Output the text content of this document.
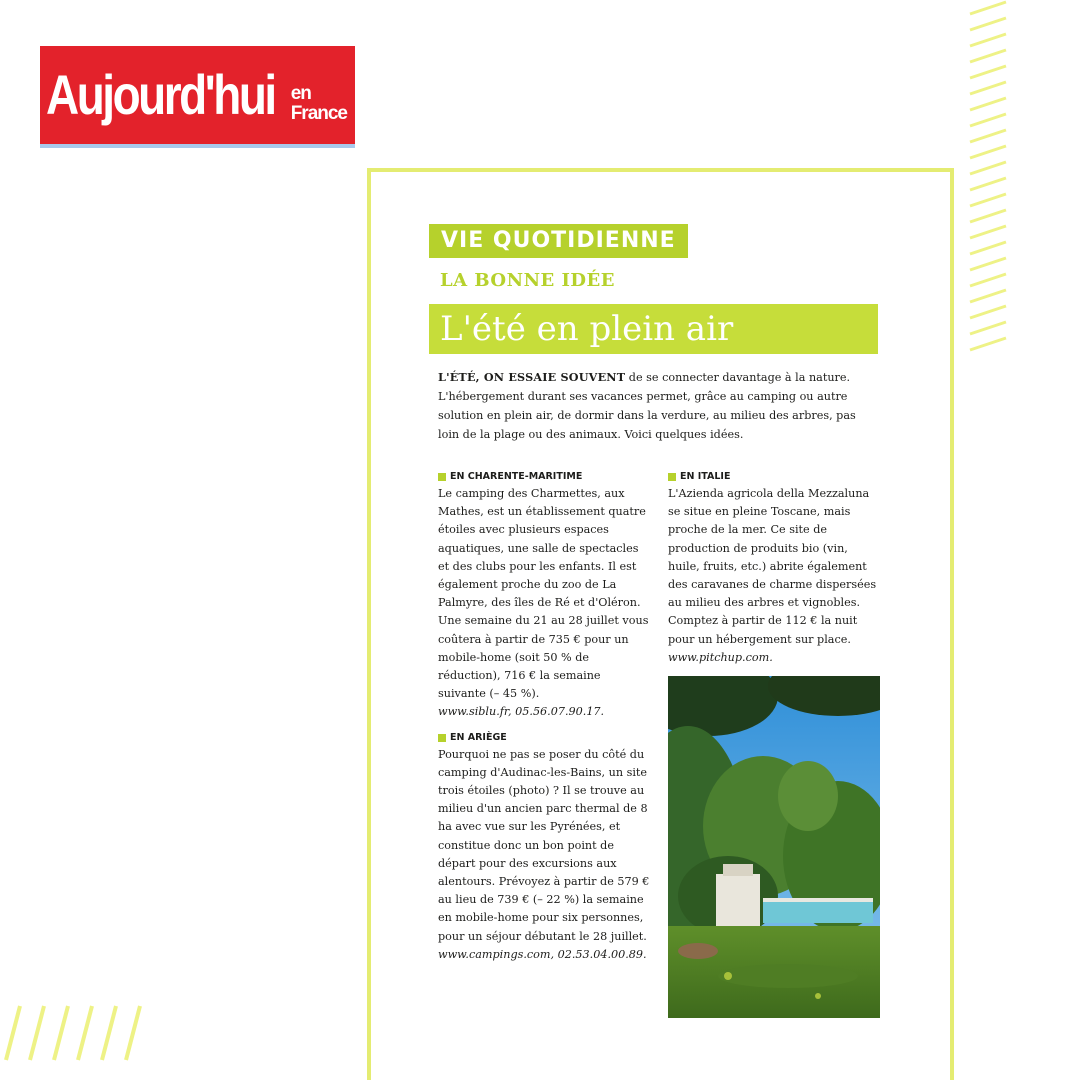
Aujourd'hui en
France
VIE QUOTIDIENNE
LA BONNE IDÉE
L'été en plein air
L'ÉTÉ, ON ESSAIE SOUVENT de se connecter davantage à la nature. L'hébergement durant ses vacances permet, grâce au camping ou autre solution en plein air, de dormir dans la verdure, au milieu des arbres, pas loin de la plage ou des animaux. Voici quelques idées.
EN CHARENTE-MARITIME

Le camping des Charmettes, aux Mathes, est un établissement quatre étoiles avec plusieurs espaces aquatiques, une salle de spectacles et des clubs pour les enfants. Il est également proche du zoo de La Palmyre, des îles de Ré et d'Oléron. Une semaine du 21 au 28 juillet vous coûtera à partir de 735 € pour un mobile-home (soit 50 % de réduction), 716 € la semaine suivante (– 45 %).

www.siblu.fr, 05.56.07.90.17.

EN ARIÈGE

Pourquoi ne pas se poser du côté du camping d'Audinac-les-Bains, un site trois étoiles (photo) ? Il se trouve au milieu d'un ancien parc thermal de 8 ha avec vue sur les Pyrénées, et constitue donc un bon point de départ pour des excursions aux alentours. Prévoyez à partir de 579 € au lieu de 739 € (– 22 %) la semaine en mobile-home pour six personnes, pour un séjour débutant le 28 juillet.

www.campings.com, 02.53.04.00.89.

EN ITALIE

L'Azienda agricola della Mezzaluna se situe en pleine Toscane, mais proche de la mer. Ce site de production de produits bio (vin, huile, fruits, etc.) abrite également des caravanes de charme dispersées au milieu des arbres et vignobles. Comptez à partir de 112 € la nuit pour un hébergement sur place.

www.pitchup.com.
